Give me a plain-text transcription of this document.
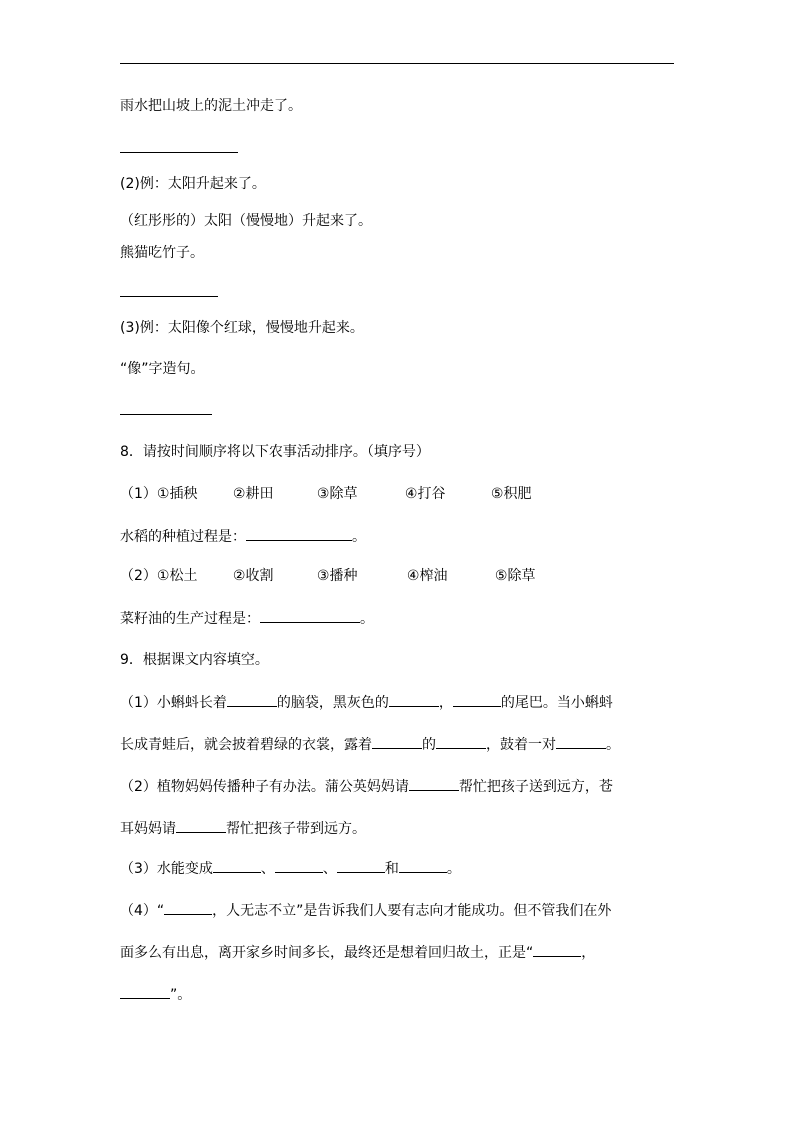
雨水把山坡上的泥土冲走了。
(2)例：太阳升起来了。
（红彤彤的）太阳（慢慢地）升起来了。
熊猫吃竹子。
(3)例：太阳像个红球，慢慢地升起来。
“像”字造句。
8．请按时间顺序将以下农事活动排序。（填序号）
（1）①插秧	②耕田	③除草	④打谷	⑤积肥
水稻的种植过程是：	。
（2）①松土	②收割	③播种	④榨油	⑤除草
菜籽油的生产过程是：	。
9．根据课文内容填空。
（1）小蝌蚪长着	的脑袋，黑灰色的	，	的尾巴。当小蝌蚪
长成青蛙后，就会披着碧绿的衣裳，露着	的	，鼓着一对	。
（2）植物妈妈传播种子有办法。蒲公英妈妈请	帮忙把孩子送到远方，苍
耳妈妈请	帮忙把孩子带到远方。
（3）水能变成	、	、	和	。
（4）“	，人无志不立”是告诉我们人要有志向才能成功。但不管我们在外
面多么有出息，离开家乡时间多长，最终还是想着回归故土，正是“	，
”。
